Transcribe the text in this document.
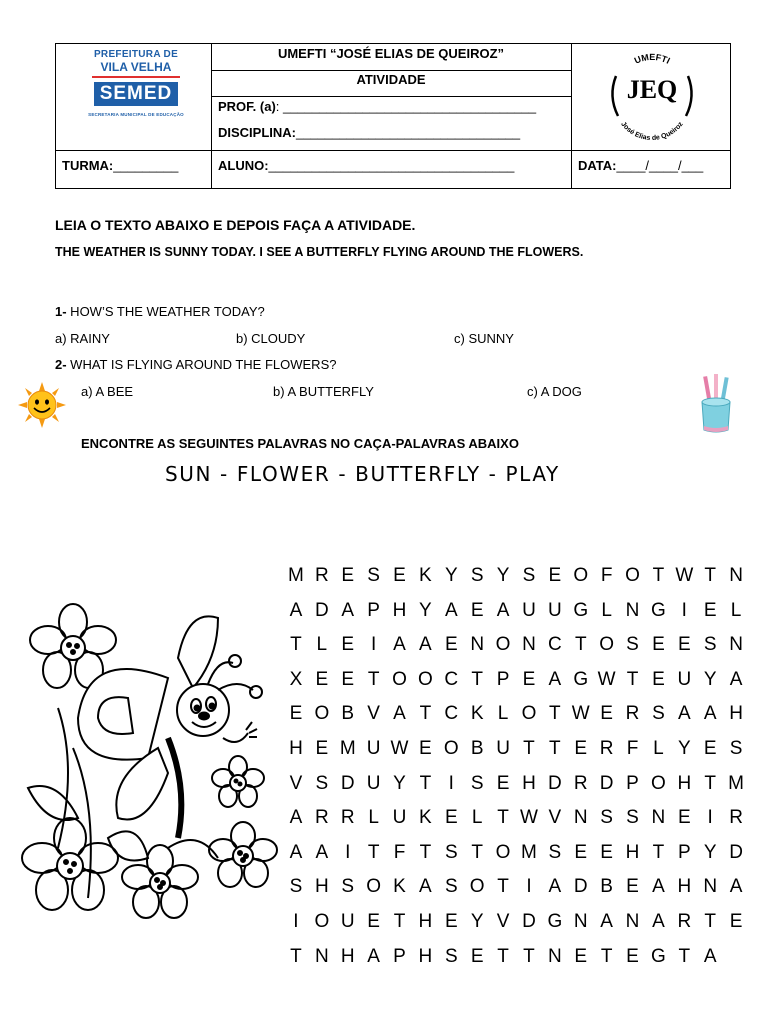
PREFEITURA DE
VILA VELHA
SEMED
SECRETARIA MUNICIPAL DE EDUCAÇÃO
UMEFTI “JOSÉ ELIAS DE QUEIROZ”
ATIVIDADE
PROF. (a): ___________________________________
DISCIPLINA:_______________________________
UMEFTI
JEQ
José Elias de Queiroz
TURMA:_________	ALUNO:__________________________________	DATA:____/____/___
LEIA O TEXTO ABAIXO E DEPOIS FAÇA A ATIVIDADE.
THE WEATHER IS SUNNY TODAY. I SEE A BUTTERFLY FLYING AROUND THE FLOWERS.
1- HOW’S THE WEATHER TODAY?
a) RAINY	b) CLOUDY	c) SUNNY
2- WHAT IS FLYING AROUND THE FLOWERS?
a) A BEE	b) A BUTTERFLY	c) A DOG
ENCONTRE AS SEGUINTES PALAVRAS NO CAÇA-PALAVRAS ABAIXO
SUN - FLOWER - BUTTERFLY - PLAY
M R E S E K Y S Y S E O F O T W T N
A D A P H Y A E A U U G L N G I E L
T L E I A A E N O N C T O S E E S N
X E E T O O C T P E A G W T E U Y A
E O B V A T C K L O T W E R S A A H
H E M U W E O B U T T E R F L Y E S
V S D U Y T I S E H D R D P O H T M
A R R L U K E L T W V N S S N E I R
A A I T F T S T O M S E E H T P Y D
S H S O K A S O T I A D B E A H N A
I O U E T H E Y V D G N A N A R T E
T N H A P H S E T T N E T E G T A
